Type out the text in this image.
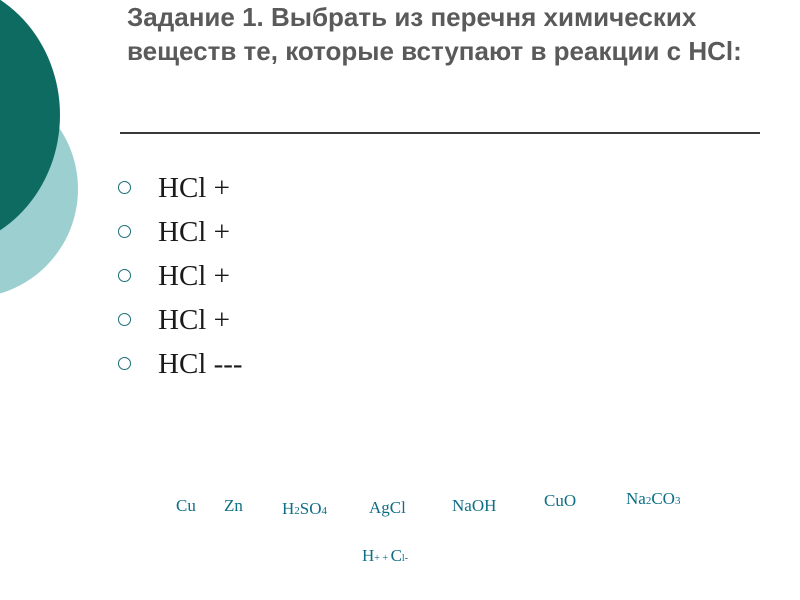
Задание 1. Выбрать из перечня химических веществ те, которые вступают в реакции с HCl:
HCl +
HCl +
HCl +
HCl +
HCl ---
Cu Zn H2SO4 AgCl	NaOH	CuO	Na2CO3
H+ + Cl-
